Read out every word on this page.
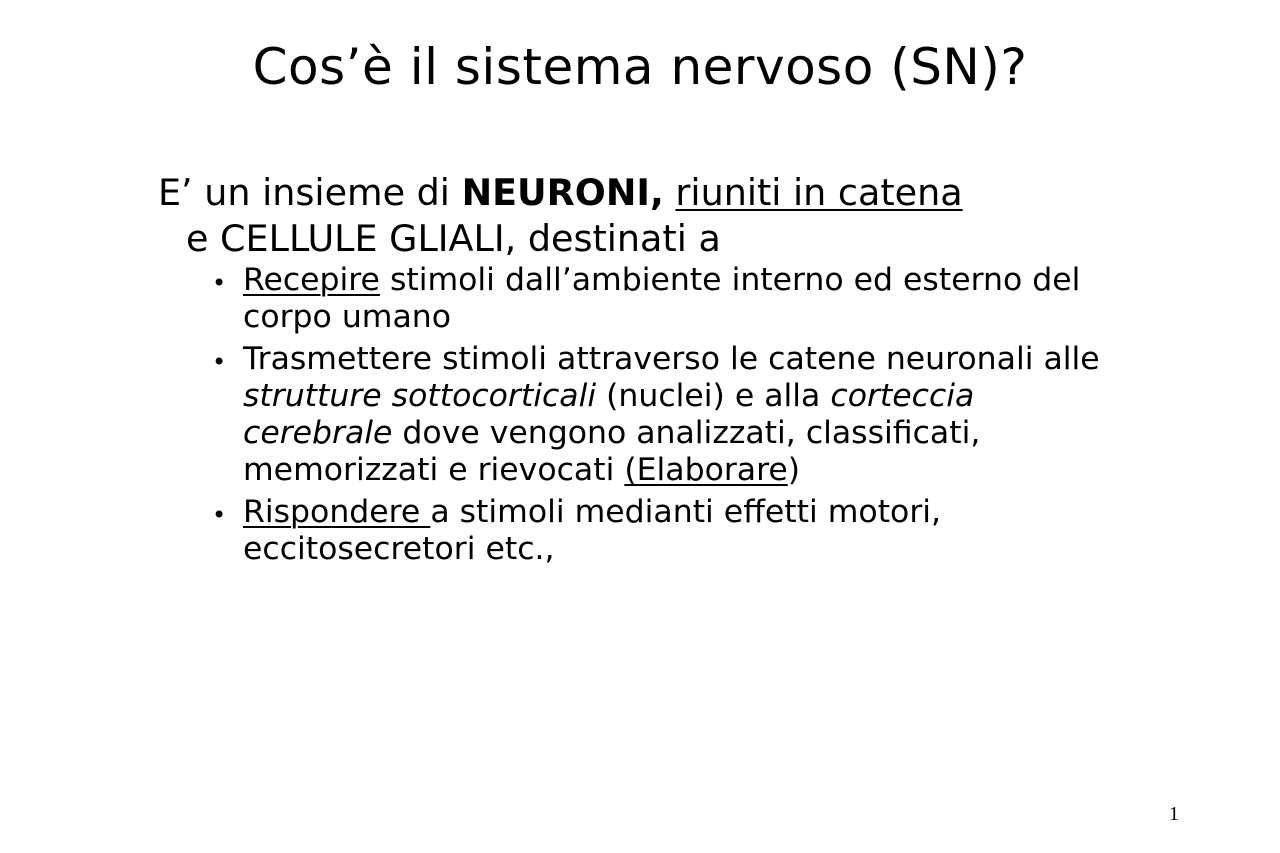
Cos’è il sistema nervoso (SN)?
E’ un insieme di NEURONI, riuniti in catena
e CELLULE GLIALI, destinati a
• Recepire stimoli dall’ambiente interno ed esterno del corpo umano
• Trasmettere stimoli attraverso le catene neuronali alle strutture sottocorticali (nuclei) e alla corteccia cerebrale dove vengono analizzati, classificati, memorizzati e rievocati (Elaborare)
• Rispondere a stimoli medianti effetti motori, eccitosecretori etc.,
1
